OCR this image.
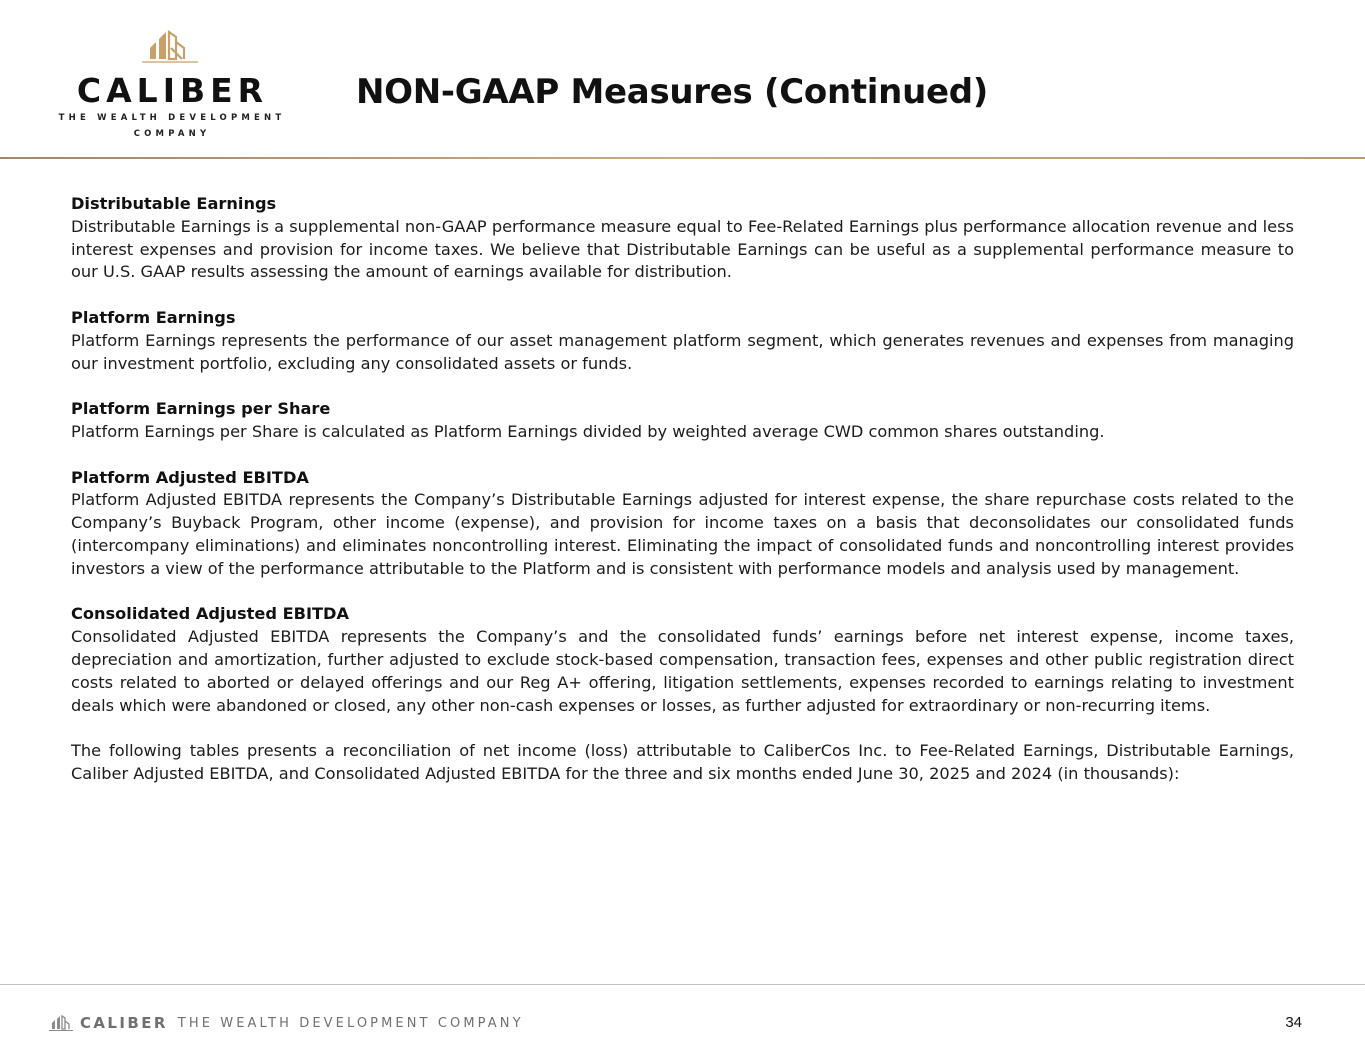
CALIBER
THE WEALTH DEVELOPMENT
COMPANY
NON-GAAP Measures (Continued)

Distributable Earnings

Distributable Earnings is a supplemental non-GAAP performance measure equal to Fee-Related Earnings plus performance allocation revenue and less interest expenses and provision for income taxes. We believe that Distributable Earnings can be useful as a supplemental performance measure to our U.S. GAAP results assessing the amount of earnings available for distribution.

Platform Earnings

Platform Earnings represents the performance of our asset management platform segment, which generates revenues and expenses from managing our investment portfolio, excluding any consolidated assets or funds.

Platform Earnings per Share

Platform Earnings per Share is calculated as Platform Earnings divided by weighted average CWD common shares outstanding.

Platform Adjusted EBITDA

Platform Adjusted EBITDA represents the Company’s Distributable Earnings adjusted for interest expense, the share repurchase costs related to the Company’s Buyback Program, other income (expense), and provision for income taxes on a basis that deconsolidates our consolidated funds (intercompany eliminations) and eliminates noncontrolling interest. Eliminating the impact of consolidated funds and noncontrolling interest provides investors a view of the performance attributable to the Platform and is consistent with performance models and analysis used by management.

Consolidated Adjusted EBITDA

Consolidated Adjusted EBITDA represents the Company’s and the consolidated funds’ earnings before net interest expense, income taxes, depreciation and amortization, further adjusted to exclude stock-based compensation, transaction fees, expenses and other public registration direct costs related to aborted or delayed offerings and our Reg A+ offering, litigation settlements, expenses recorded to earnings relating to investment deals which were abandoned or closed, any other non-cash expenses or losses, as further adjusted for extraordinary or non-recurring items.

The following tables presents a reconciliation of net income (loss) attributable to CaliberCos Inc. to Fee-Related Earnings, Distributable Earnings, Caliber Adjusted EBITDA, and Consolidated Adjusted EBITDA for the three and six months ended June 30, 2025 and 2024 (in thousands):

CALIBER THE WEALTH DEVELOPMENT COMPANY	34
